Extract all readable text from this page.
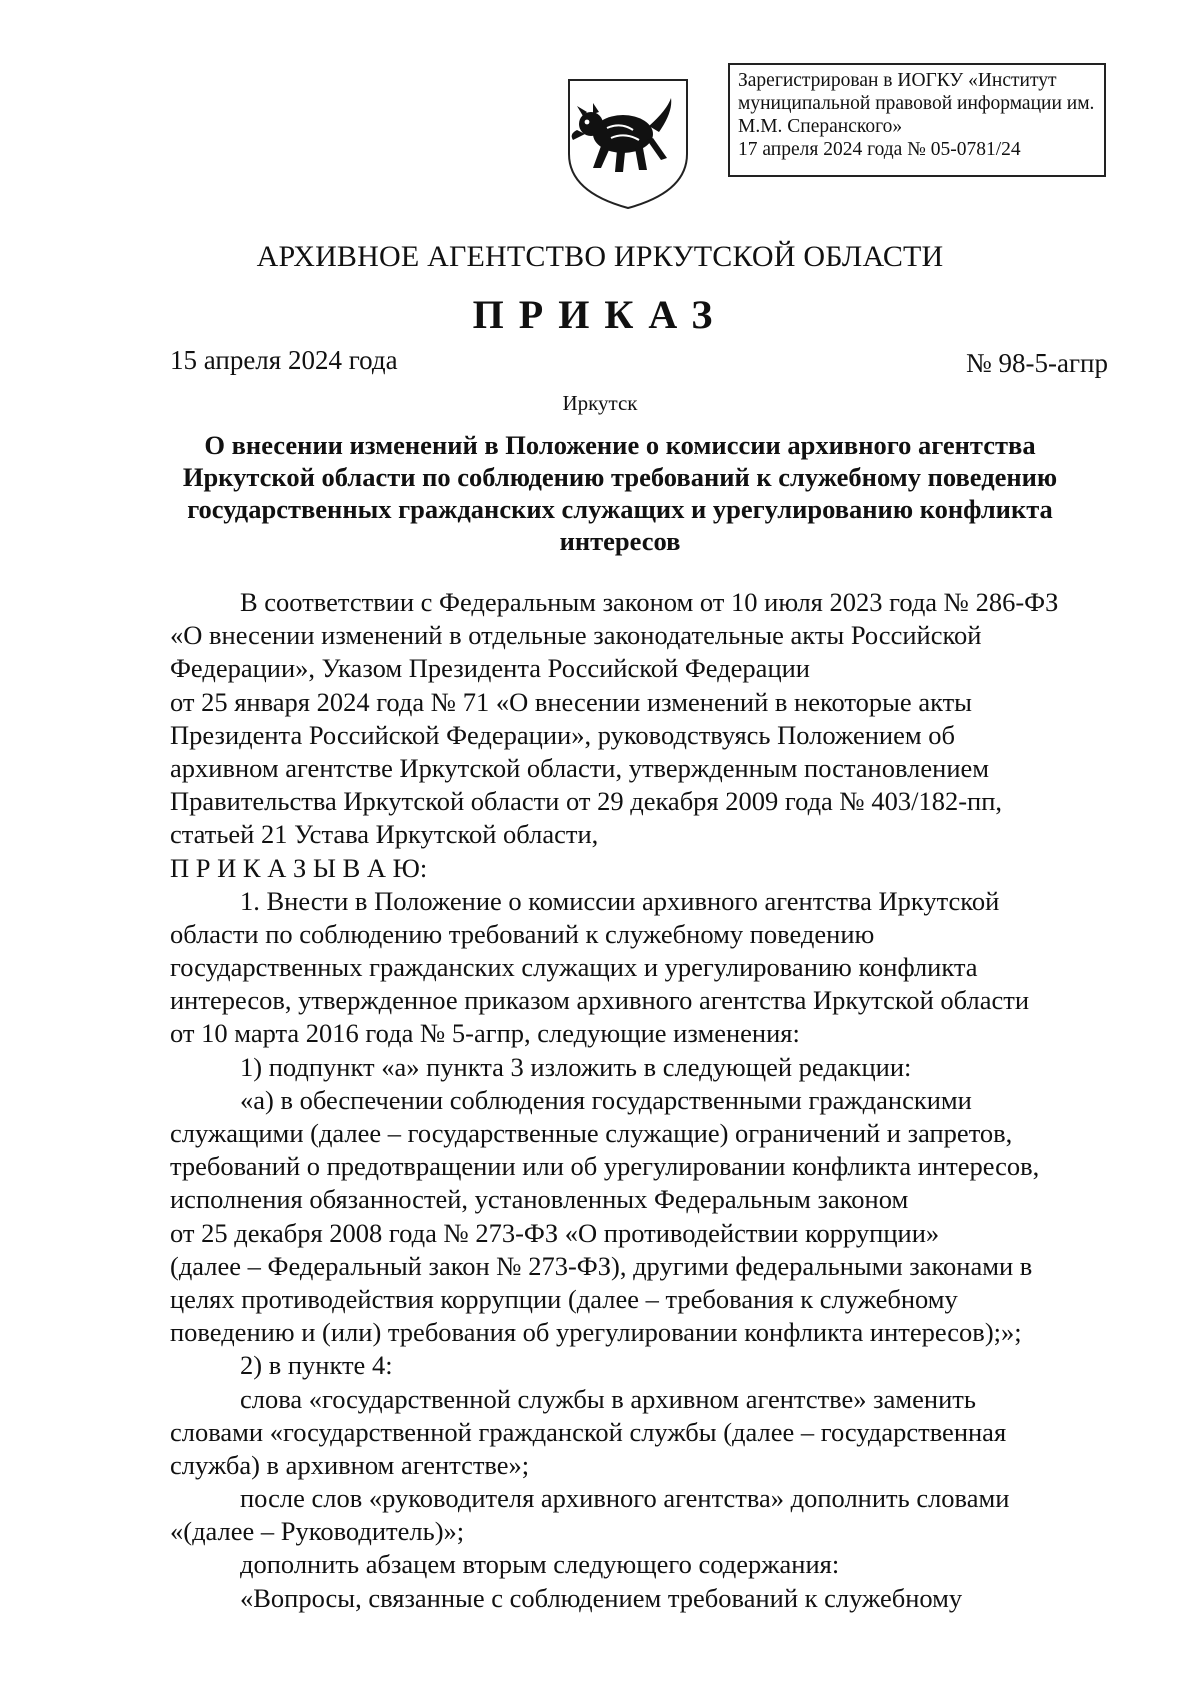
Зарегистрирован в ИОГКУ «Институт
муниципальной правовой информации им.
М.М. Сперанского»
17 апреля 2024 года № 05-0781/24
АРХИВНОЕ АГЕНТСТВО ИРКУТСКОЙ ОБЛАСТИ
ПРИКАЗ
15 апреля 2024 года	№ 98-5-агпр
Иркутск
О внесении изменений в Положение о комиссии архивного агентства
Иркутской области по соблюдению требований к служебному поведению
государственных гражданских служащих и урегулированию конфликта
интересов
В соответствии с Федеральным законом от 10 июля 2023 года № 286-ФЗ
«О внесении изменений в отдельные законодательные акты Российской
Федерации», Указом Президента Российской Федерации
от 25 января 2024 года № 71 «О внесении изменений в некоторые акты
Президента Российской Федерации», руководствуясь Положением об
архивном агентстве Иркутской области, утвержденным постановлением
Правительства Иркутской области от 29 декабря 2009 года № 403/182-пп,
статьей 21 Устава Иркутской области,
П Р И К А З Ы В А Ю:
1. Внести в Положение о комиссии архивного агентства Иркутской
области по соблюдению требований к служебному поведению
государственных гражданских служащих и урегулированию конфликта
интересов, утвержденное приказом архивного агентства Иркутской области
от 10 марта 2016 года № 5-агпр, следующие изменения:
1) подпункт «а» пункта 3 изложить в следующей редакции:
«а) в обеспечении соблюдения государственными гражданскими
служащими (далее – государственные служащие) ограничений и запретов,
требований о предотвращении или об урегулировании конфликта интересов,
исполнения обязанностей, установленных Федеральным законом
от 25 декабря 2008 года № 273-ФЗ «О противодействии коррупции»
(далее – Федеральный закон № 273-ФЗ), другими федеральными законами в
целях противодействия коррупции (далее – требования к служебному
поведению и (или) требования об урегулировании конфликта интересов);»;
2) в пункте 4:
слова «государственной службы в архивном агентстве» заменить
словами «государственной гражданской службы (далее – государственная
служба) в архивном агентстве»;
после слов «руководителя архивного агентства» дополнить словами
«(далее – Руководитель)»;
дополнить абзацем вторым следующего содержания:
«Вопросы, связанные с соблюдением требований к служебному
